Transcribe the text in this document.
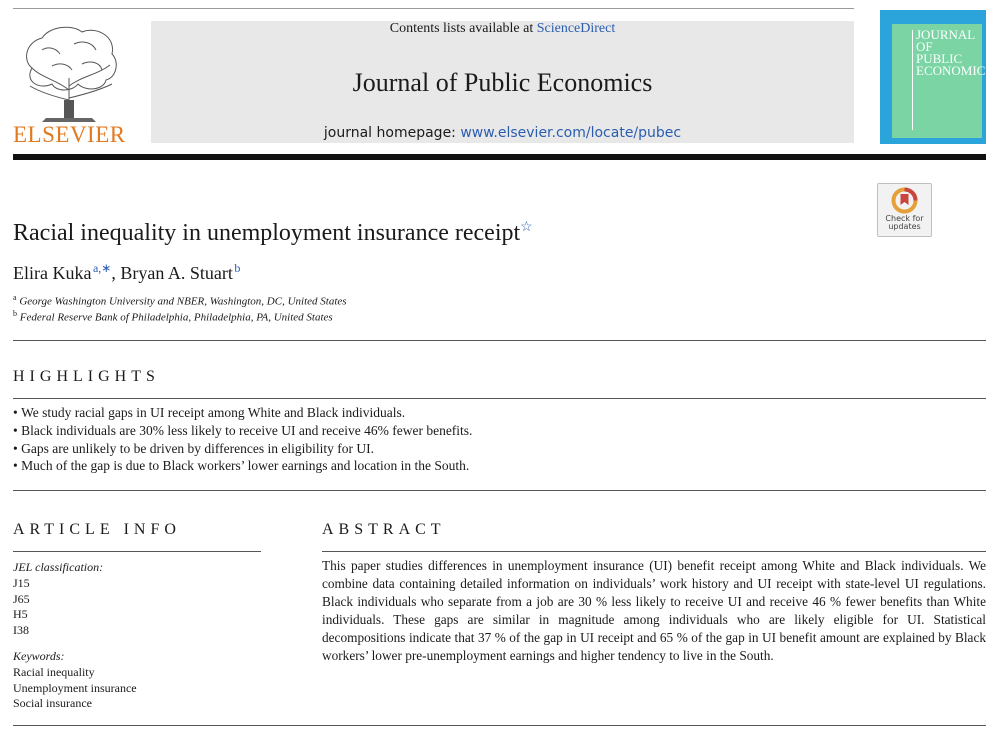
ELSEVIER
Contents lists available at ScienceDirect
Journal of Public Economics
journal homepage: www.elsevier.com/locate/pubec
JOURNAL OF PUBLIC ECONOMICS
Check for updates
Racial inequality in unemployment insurance receipt☆
Elira Kuka  $^{a,∗}$, Bryan A. Stuart  $^b$
$^a$ George Washington University and NBER, Washington, DC, United States
$^b$ Federal Reserve Bank of Philadelphia, Philadelphia, PA, United States
HIGHLIGHTS
• We study racial gaps in UI receipt among White and Black individuals.
• Black individuals are 30% less likely to receive UI and receive 46% fewer benefits.
• Gaps are unlikely to be driven by differences in eligibility for UI.
• Much of the gap is due to Black workers’ lower earnings and location in the South.
ARTICLE INFO
JEL classification:
J15
J65
H5
I38
Keywords:
Racial inequality
Unemployment insurance
Social insurance
ABSTRACT
This paper studies differences in unemployment insurance (UI) benefit receipt among White and Black individuals. We combine data containing detailed information on individuals’ work history and UI receipt with state-level UI regulations. Black individuals who separate from a job are 30 % less likely to receive UI and receive 46 % fewer benefits than White individuals. These gaps are similar in magnitude among individuals who are likely eligible for UI. Statistical decompositions indicate that 37 % of the gap in UI receipt and 65 % of the gap in UI benefit amount are explained by Black workers’ lower pre-unemployment earnings and higher tendency to live in the South.
